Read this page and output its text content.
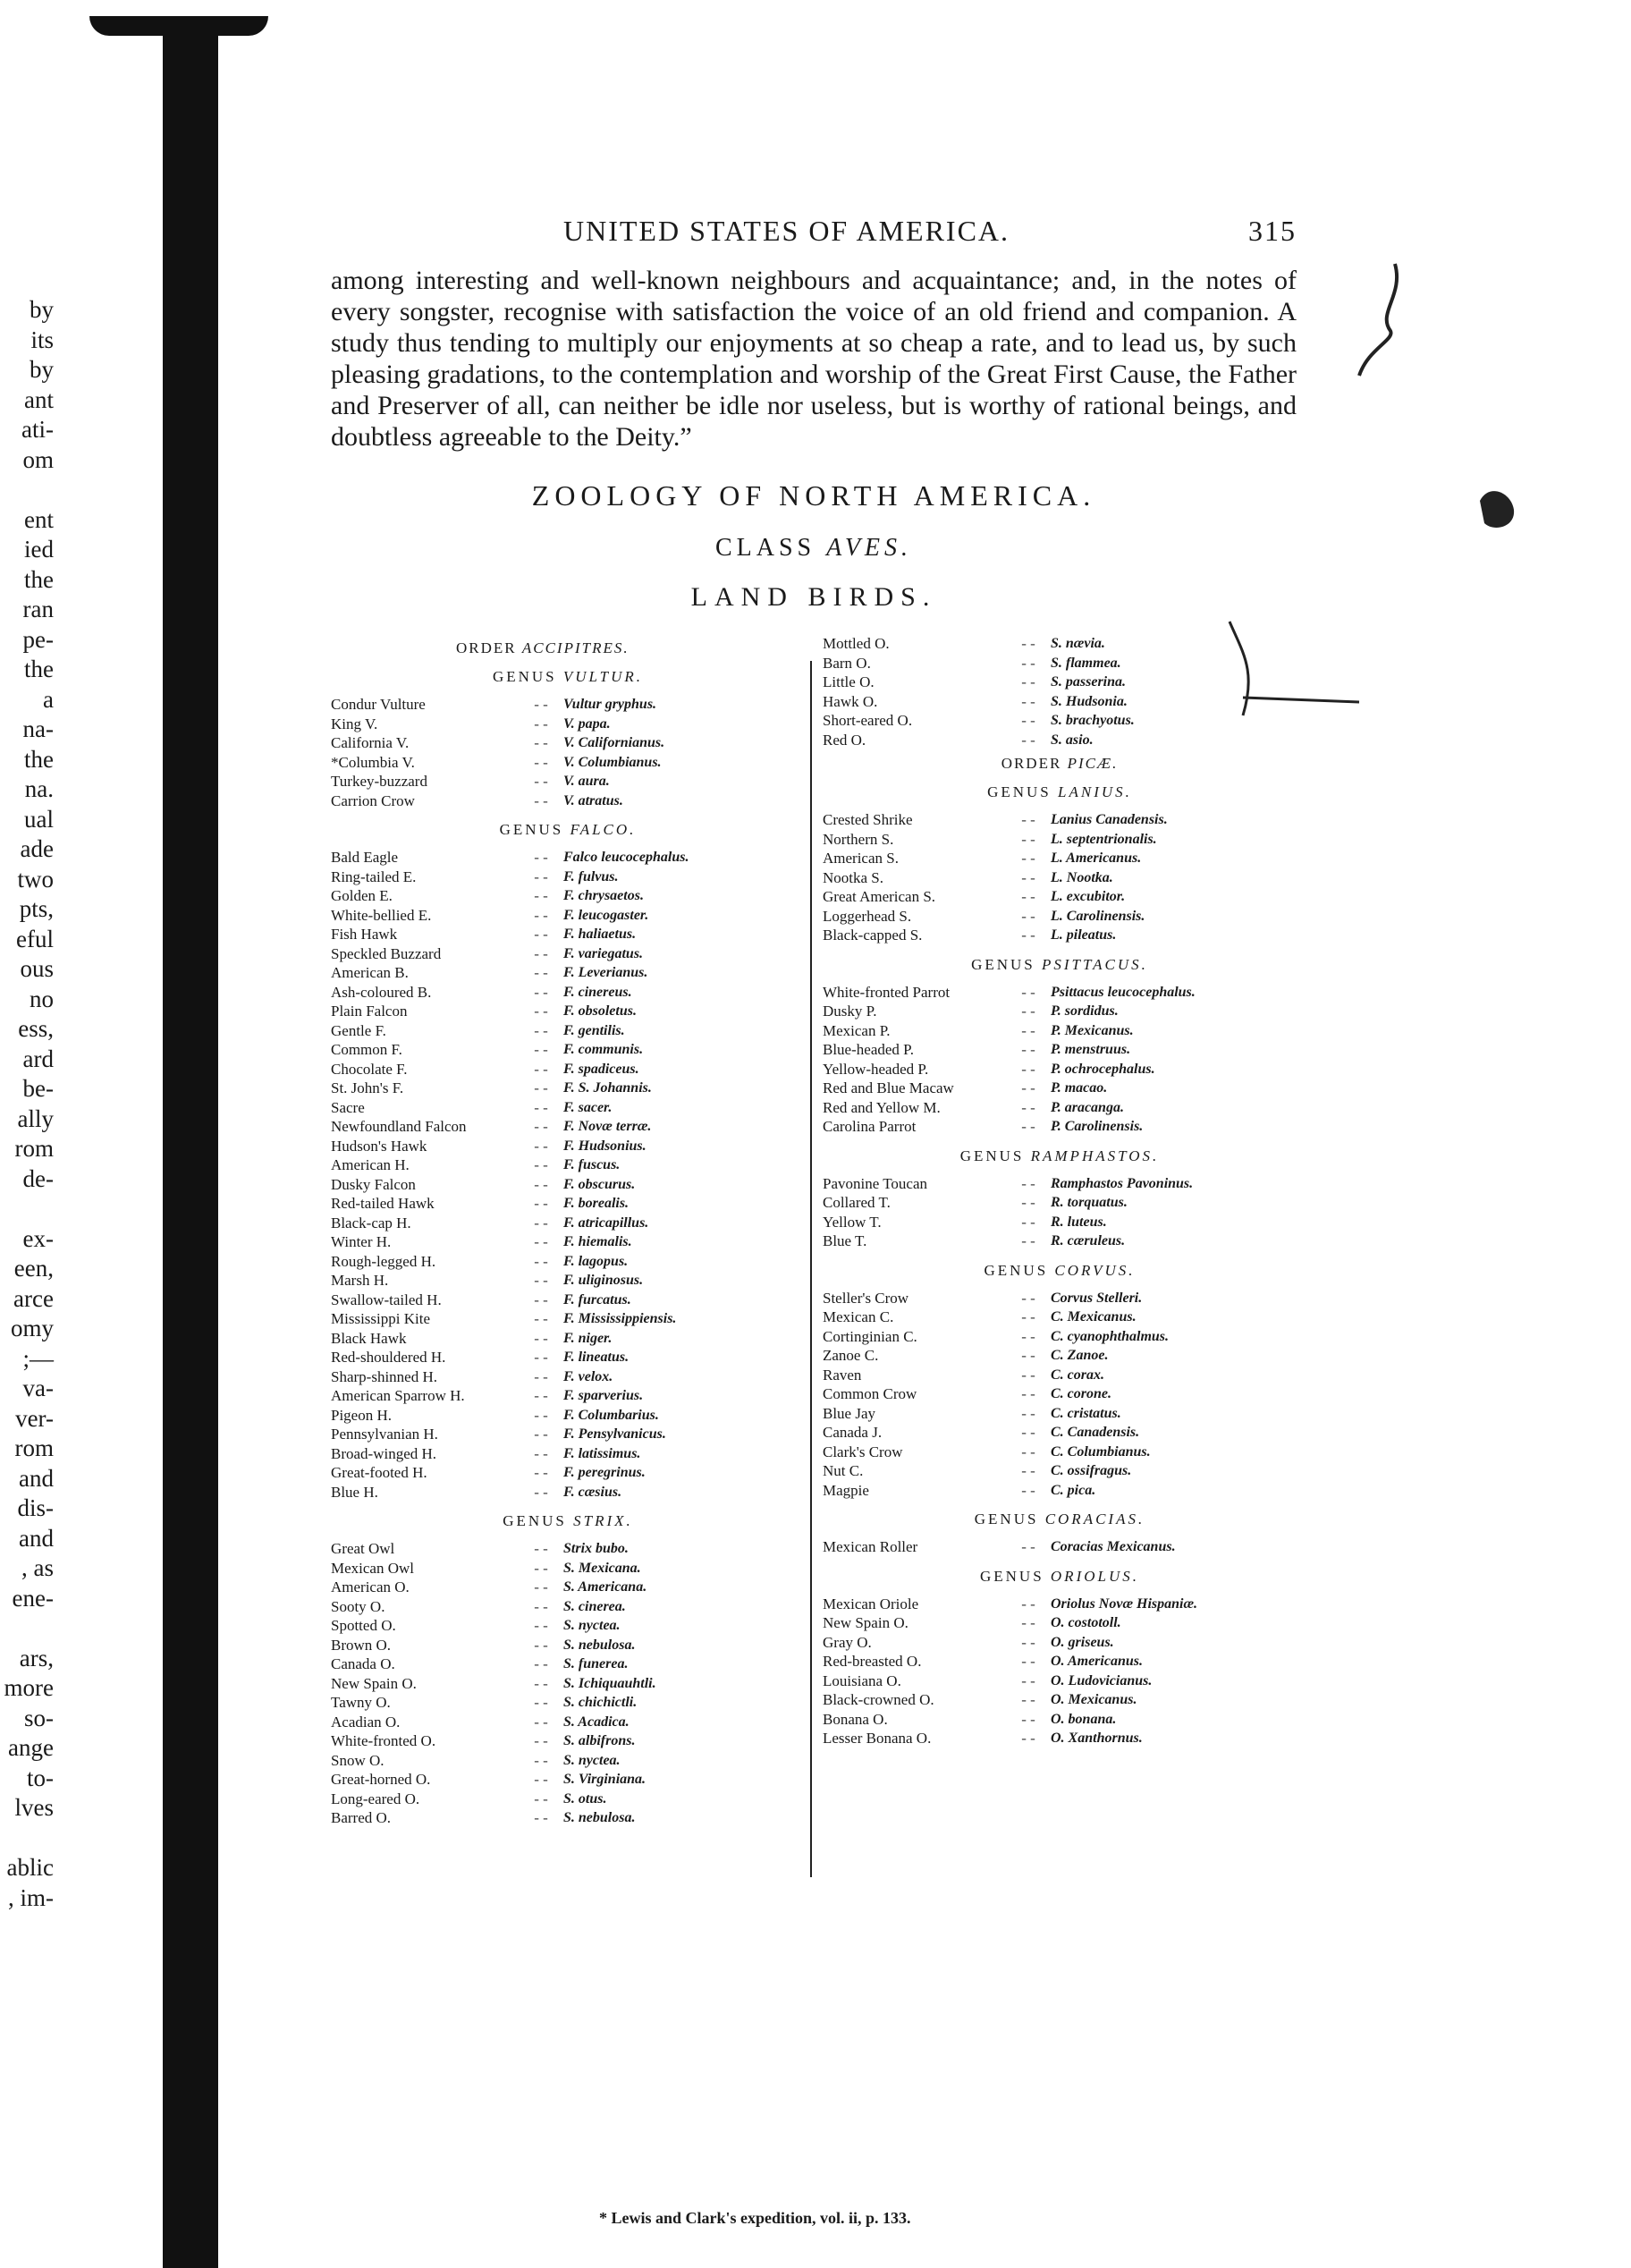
by
its
by
ant
ati-
om

ent
ied
the
ran
pe-
the
a
na-
the
na.
ual
ade
two
pts,
eful
ous
no
ess,
ard
be-
ally
rom
de-

ex-
een,
arce
omy
;—
va-
ver-
rom
and
dis-
and
, as
ene-

ars,
more
so-
ange
to-
lves

ablic
, im-
UNITED STATES OF AMERICA.	315
among interesting and well-known neighbours and acquaintance; and, in the notes of every songster, recognise with satisfaction the voice of an old friend and companion. A study thus tending to multiply our enjoyments at so cheap a rate, and to lead us, by such pleasing gradations, to the contemplation and worship of the Great First Cause, the Father and Preserver of all, can neither be idle nor useless, but is worthy of rational beings, and doubtless agreeable to the Deity.”
ZOOLOGY OF NORTH AMERICA.
CLASS AVES.
LAND BIRDS.
ORDER ACCIPITRES.
GENUS VULTUR.
Condur Vulture	- -	Vultur gryphus.
King V.	- -	V. papa.
California V.	- -	V. Californianus.
*Columbia V.	- -	V. Columbianus.
Turkey-buzzard	- -	V. aura.
Carrion Crow	- -	V. atratus.
GENUS FALCO.
Bald Eagle	- -	Falco leucocephalus.
Ring-tailed E.	- -	F. fulvus.
Golden E.	- -	F. chrysaetos.
White-bellied E.	- -	F. leucogaster.
Fish Hawk	- -	F. haliaetus.
Speckled Buzzard	- -	F. variegatus.
American B.	- -	F. Leverianus.
Ash-coloured B.	- -	F. cinereus.
Plain Falcon	- -	F. obsoletus.
Gentle F.	- -	F. gentilis.
Common F.	- -	F. communis.
Chocolate F.	- -	F. spadiceus.
St. John's F.	- -	F. S. Johannis.
Sacre	- -	F. sacer.
Newfoundland Falcon	- -	F. Novæ terræ.
Hudson's Hawk	- -	F. Hudsonius.
American H.	- -	F. fuscus.
Dusky Falcon	- -	F. obscurus.
Red-tailed Hawk	- -	F. borealis.
Black-cap H.	- -	F. atricapillus.
Winter H.	- -	F. hiemalis.
Rough-legged H.	- -	F. lagopus.
Marsh H.	- -	F. uliginosus.
Swallow-tailed H.	- -	F. furcatus.
Mississippi Kite	- -	F. Mississippiensis.
Black Hawk	- -	F. niger.
Red-shouldered H.	- -	F. lineatus.
Sharp-shinned H.	- -	F. velox.
American Sparrow H.	- -	F. sparverius.
Pigeon H.	- -	F. Columbarius.
Pennsylvanian H.	- -	F. Pensylvanicus.
Broad-winged H.	- -	F. latissimus.
Great-footed H.	- -	F. peregrinus.
Blue H.	- -	F. cæsius.
GENUS STRIX.
Great Owl	- -	Strix bubo.
Mexican Owl	- -	S. Mexicana.
American O.	- -	S. Americana.
Sooty O.	- -	S. cinerea.
Spotted O.	- -	S. nyctea.
Brown O.	- -	S. nebulosa.
Canada O.	- -	S. funerea.
New Spain O.	- -	S. Ichiquauhtli.
Tawny O.	- -	S. chichictli.
Acadian O.	- -	S. Acadica.
White-fronted O.	- -	S. albifrons.
Snow O.	- -	S. nyctea.
Great-horned O.	- -	S. Virginiana.
Long-eared O.	- -	S. otus.
Barred O.	- -	S. nebulosa.
Mottled O.	- -	S. nævia.
Barn O.	- -	S. flammea.
Little O.	- -	S. passerina.
Hawk O.	- -	S. Hudsonia.
Short-eared O.	- -	S. brachyotus.
Red O.	- -	S. asio.
ORDER PICÆ.
GENUS LANIUS.
Crested Shrike	- -	Lanius Canadensis.
Northern S.	- -	L. septentrionalis.
American S.	- -	L. Americanus.
Nootka S.	- -	L. Nootka.
Great American S.	- -	L. excubitor.
Loggerhead S.	- -	L. Carolinensis.
Black-capped S.	- -	L. pileatus.
GENUS PSITTACUS.
White-fronted Parrot	- -	Psittacus leucocephalus.
Dusky P.	- -	P. sordidus.
Mexican P.	- -	P. Mexicanus.
Blue-headed P.	- -	P. menstruus.
Yellow-headed P.	- -	P. ochrocephalus.
Red and Blue Macaw	- -	P. macao.
Red and Yellow M.	- -	P. aracanga.
Carolina Parrot	- -	P. Carolinensis.
GENUS RAMPHASTOS.
Pavonine Toucan	- -	Ramphastos Pavoninus.
Collared T.	- -	R. torquatus.
Yellow T.	- -	R. luteus.
Blue T.	- -	R. cæruleus.
GENUS CORVUS.
Steller's Crow	- -	Corvus Stelleri.
Mexican C.	- -	C. Mexicanus.
Cortinginian C.	- -	C. cyanophthalmus.
Zanoe C.	- -	C. Zanoe.
Raven	- -	C. corax.
Common Crow	- -	C. corone.
Blue Jay	- -	C. cristatus.
Canada J.	- -	C. Canadensis.
Clark's Crow	- -	C. Columbianus.
Nut C.	- -	C. ossifragus.
Magpie	- -	C. pica.
GENUS CORACIAS.
Mexican Roller	- -	Coracias Mexicanus.
GENUS ORIOLUS.
Mexican Oriole	- -	Oriolus Novæ Hispaniæ.
New Spain O.	- -	O. costotoll.
Gray O.	- -	O. griseus.
Red-breasted O.	- -	O. Americanus.
Louisiana O.	- -	O. Ludovicianus.
Black-crowned O.	- -	O. Mexicanus.
Bonana O.	- -	O. bonana.
Lesser Bonana O.	- -	O. Xanthornus.
* Lewis and Clark's expedition, vol. ii, p. 133.
